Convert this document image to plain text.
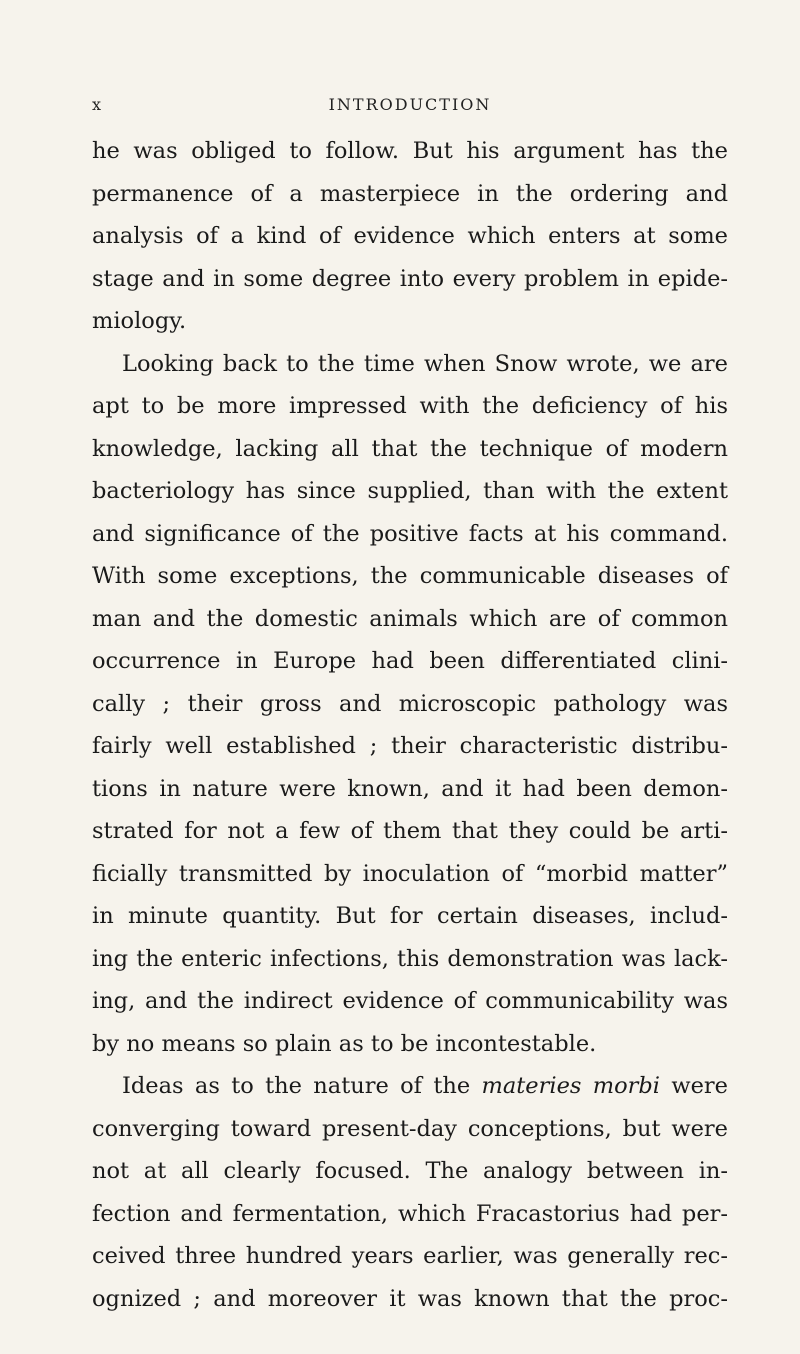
x	INTRODUCTION
he was obliged to follow. But his argument has the
permanence of a masterpiece in the ordering and
analysis of a kind of evidence which enters at some
stage and in some degree into every problem in epide-
miology.
Looking back to the time when Snow wrote, we are
apt to be more impressed with the deficiency of his
knowledge, lacking all that the technique of modern
bacteriology has since supplied, than with the extent
and significance of the positive facts at his command.
With some exceptions, the communicable diseases of
man and the domestic animals which are of common
occurrence in Europe had been differentiated clini-
cally ; their gross and microscopic pathology was
fairly well established ; their characteristic distribu-
tions in nature were known, and it had been demon-
strated for not a few of them that they could be arti-
ficially transmitted by inoculation of “morbid matter”
in minute quantity. But for certain diseases, includ-
ing the enteric infections, this demonstration was lack-
ing, and the indirect evidence of communicability was
by no means so plain as to be incontestable.
Ideas as to the nature of the materies morbi were
converging toward present-day conceptions, but were
not at all clearly focused. The analogy between in-
fection and fermentation, which Fracastorius had per-
ceived three hundred years earlier, was generally rec-
ognized ; and moreover it was known that the proc-
